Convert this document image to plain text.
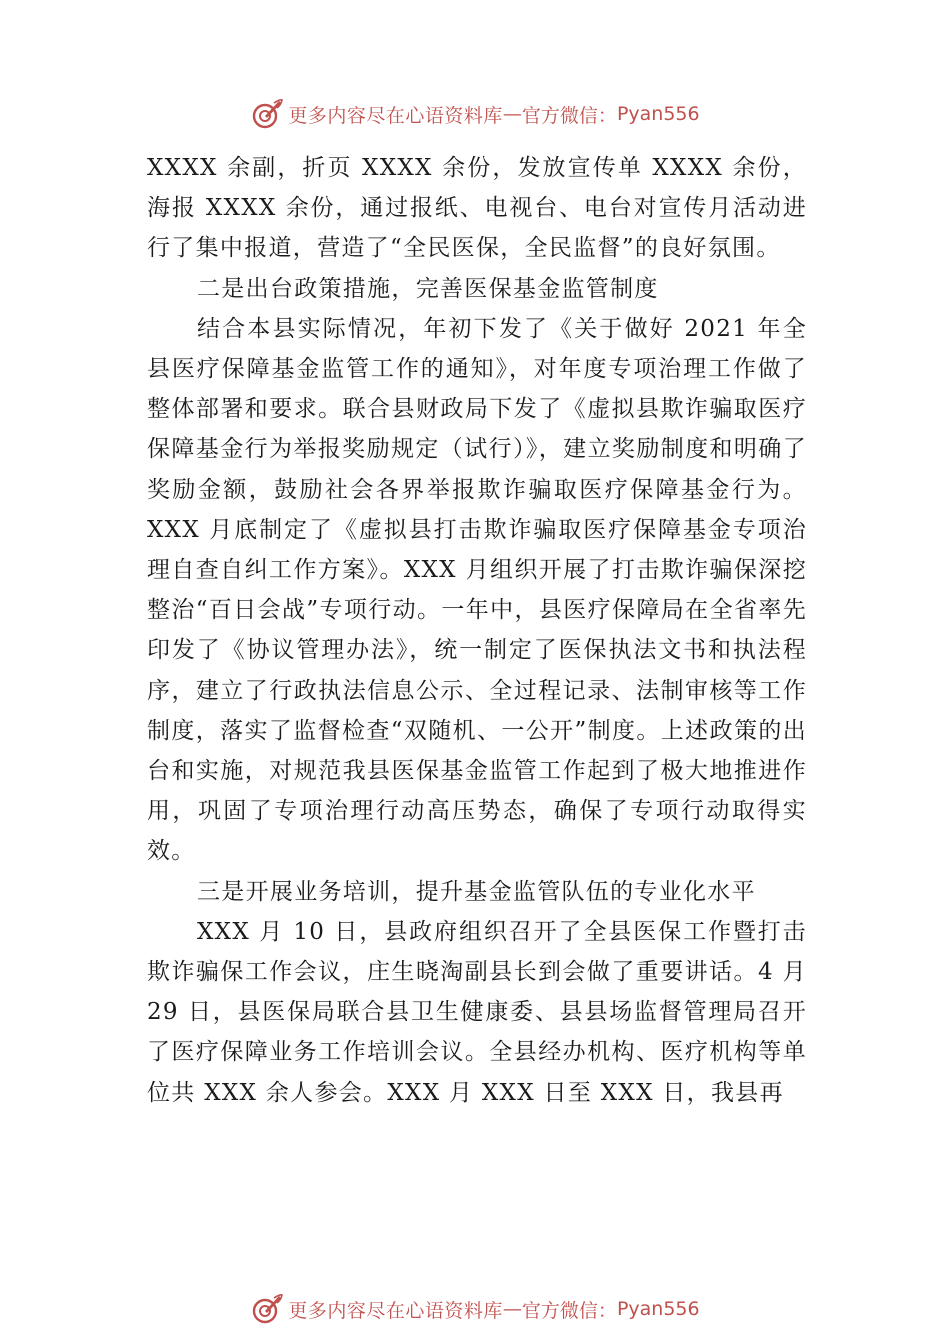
更多内容尽在心语资料库 — 官方微信： Pyan556

XXXX 余副，折页 XXXX 余份，发放宣传单 XXXX 余份，海报 XXXX 余份，通过报纸、电视台、电台对宣传月活动进行了集中报道，营造了“全民医保，全民监督”的良好氛围。

二是出台政策措施，完善医保基金监管制度

结合本县实际情况，年初下发了《关于做好 2021 年全县医疗保障基金监管工作的通知》，对年度专项治理工作做了整体部署和要求。联合县财政局下发了《虚拟县欺诈骗取医疗保障基金行为举报奖励规定（试行）》，建立奖励制度和明确了奖励金额，鼓励社会各界举报欺诈骗取医疗保障基金行为。XXX 月底制定了《虚拟县打击欺诈骗取医疗保障基金专项治理自查自纠工作方案》。XXX 月组织开展了打击欺诈骗保深挖整治“百日会战”专项行动。一年中，县医疗保障局在全省率先印发了《协议管理办法》，统一制定了医保执法文书和执法程序，建立了行政执法信息公示、全过程记录、法制审核等工作制度，落实了监督检查“双随机、一公开”制度。上述政策的出台和实施，对规范我县医保基金监管工作起到了极大地推进作用，巩固了专项治理行动高压势态，确保了专项行动取得实效。

三是开展业务培训，提升基金监管队伍的专业化水平

XXX 月 10 日，县政府组织召开了全县医保工作暨打击欺诈骗保工作会议，庄生晓淘副县长到会做了重要讲话。4 月 29 日，县医保局联合县卫生健康委、县县场监督管理局召开了医疗保障业务工作培训会议。全县经办机构、医疗机构等单位共 XXX 余人参会。XXX 月 XXX 日至 XXX 日，我县再

更多内容尽在心语资料库 — 官方微信： Pyan556
